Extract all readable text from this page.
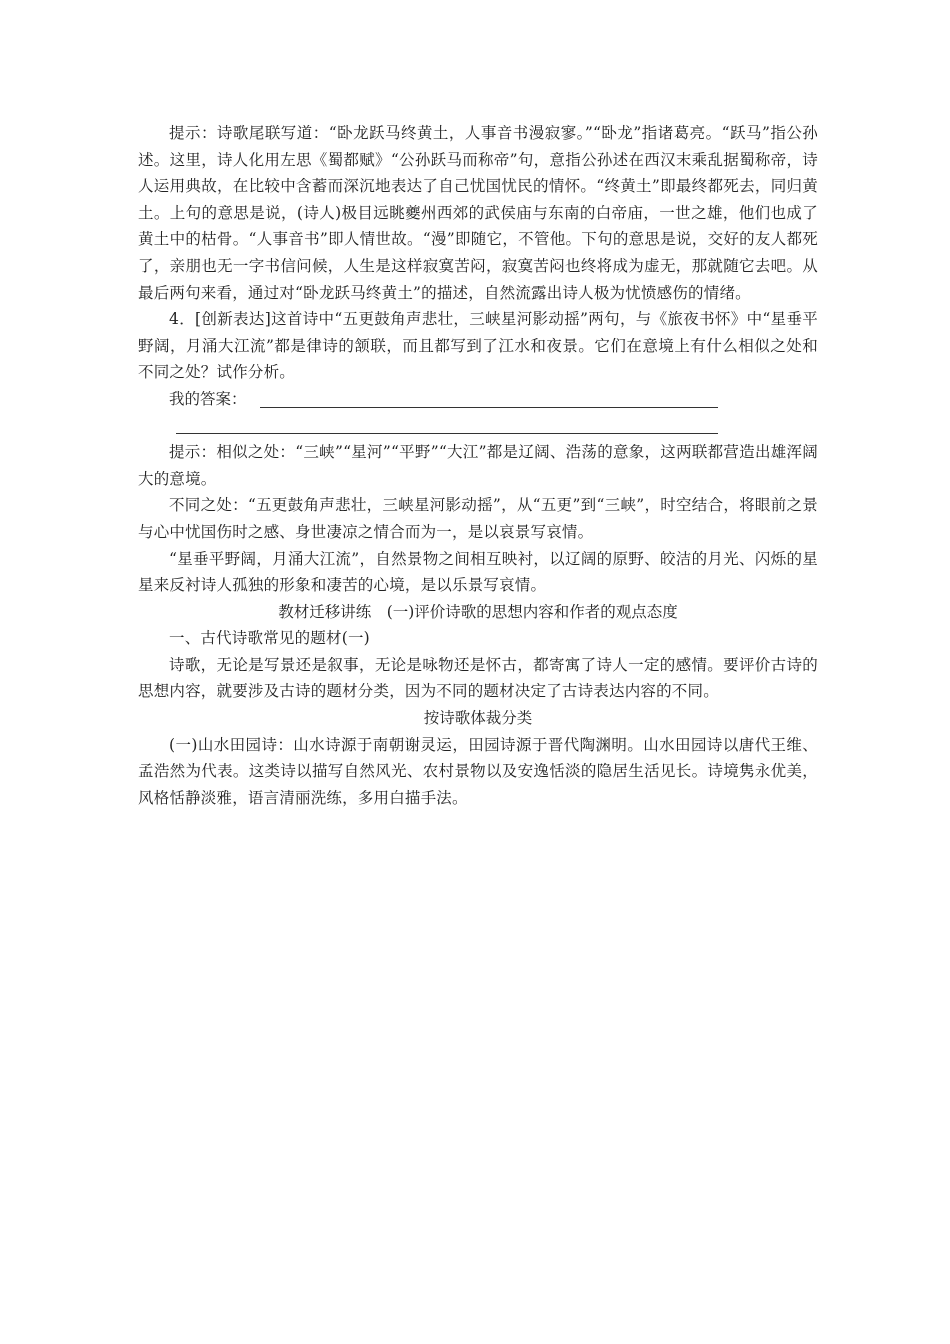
提示：诗歌尾联写道：“卧龙跃马终黄土，人事音书漫寂寥。”“卧龙”指诸葛亮。“跃马”指公孙述。这里，诗人化用左思《蜀都赋》“公孙跃马而称帝”句，意指公孙述在西汉末乘乱据蜀称帝，诗人运用典故，在比较中含蓄而深沉地表达了自己忧国忧民的情怀。“终黄土”即最终都死去，同归黄土。上句的意思是说，(诗人)极目远眺夔州西郊的武侯庙与东南的白帝庙，一世之雄，他们也成了黄土中的枯骨。“人事音书”即人情世故。“漫”即随它，不管他。下句的意思是说，交好的友人都死了，亲朋也无一字书信问候，人生是这样寂寞苦闷，寂寞苦闷也终将成为虚无，那就随它去吧。从最后两句来看，通过对“卧龙跃马终黄土”的描述，自然流露出诗人极为忧愤感伤的情绪。

4．[创新表达]这首诗中“五更鼓角声悲壮，三峡星河影动摇”两句，与《旅夜书怀》中“星垂平野阔，月涌大江流”都是律诗的颔联，而且都写到了江水和夜景。它们在意境上有什么相似之处和不同之处？试作分析。

我的答案：

提示：相似之处：“三峡”“星河”“平野”“大江”都是辽阔、浩荡的意象，这两联都营造出雄浑阔大的意境。

不同之处：“五更鼓角声悲壮，三峡星河影动摇”，从“五更”到“三峡”，时空结合，将眼前之景与心中忧国伤时之感、身世凄凉之情合而为一，是以哀景写哀情。

“星垂平野阔，月涌大江流”，自然景物之间相互映衬，以辽阔的原野、皎洁的月光、闪烁的星星来反衬诗人孤独的形象和凄苦的心境，是以乐景写哀情。

教材迁移讲练　(一)评价诗歌的思想内容和作者的观点态度

一、古代诗歌常见的题材(一)

诗歌，无论是写景还是叙事，无论是咏物还是怀古，都寄寓了诗人一定的感情。要评价古诗的思想内容，就要涉及古诗的题材分类，因为不同的题材决定了古诗表达内容的不同。

按诗歌体裁分类

(一)山水田园诗：山水诗源于南朝谢灵运，田园诗源于晋代陶渊明。山水田园诗以唐代王维、孟浩然为代表。这类诗以描写自然风光、农村景物以及安逸恬淡的隐居生活见长。诗境隽永优美，风格恬静淡雅，语言清丽洗练，多用白描手法。
